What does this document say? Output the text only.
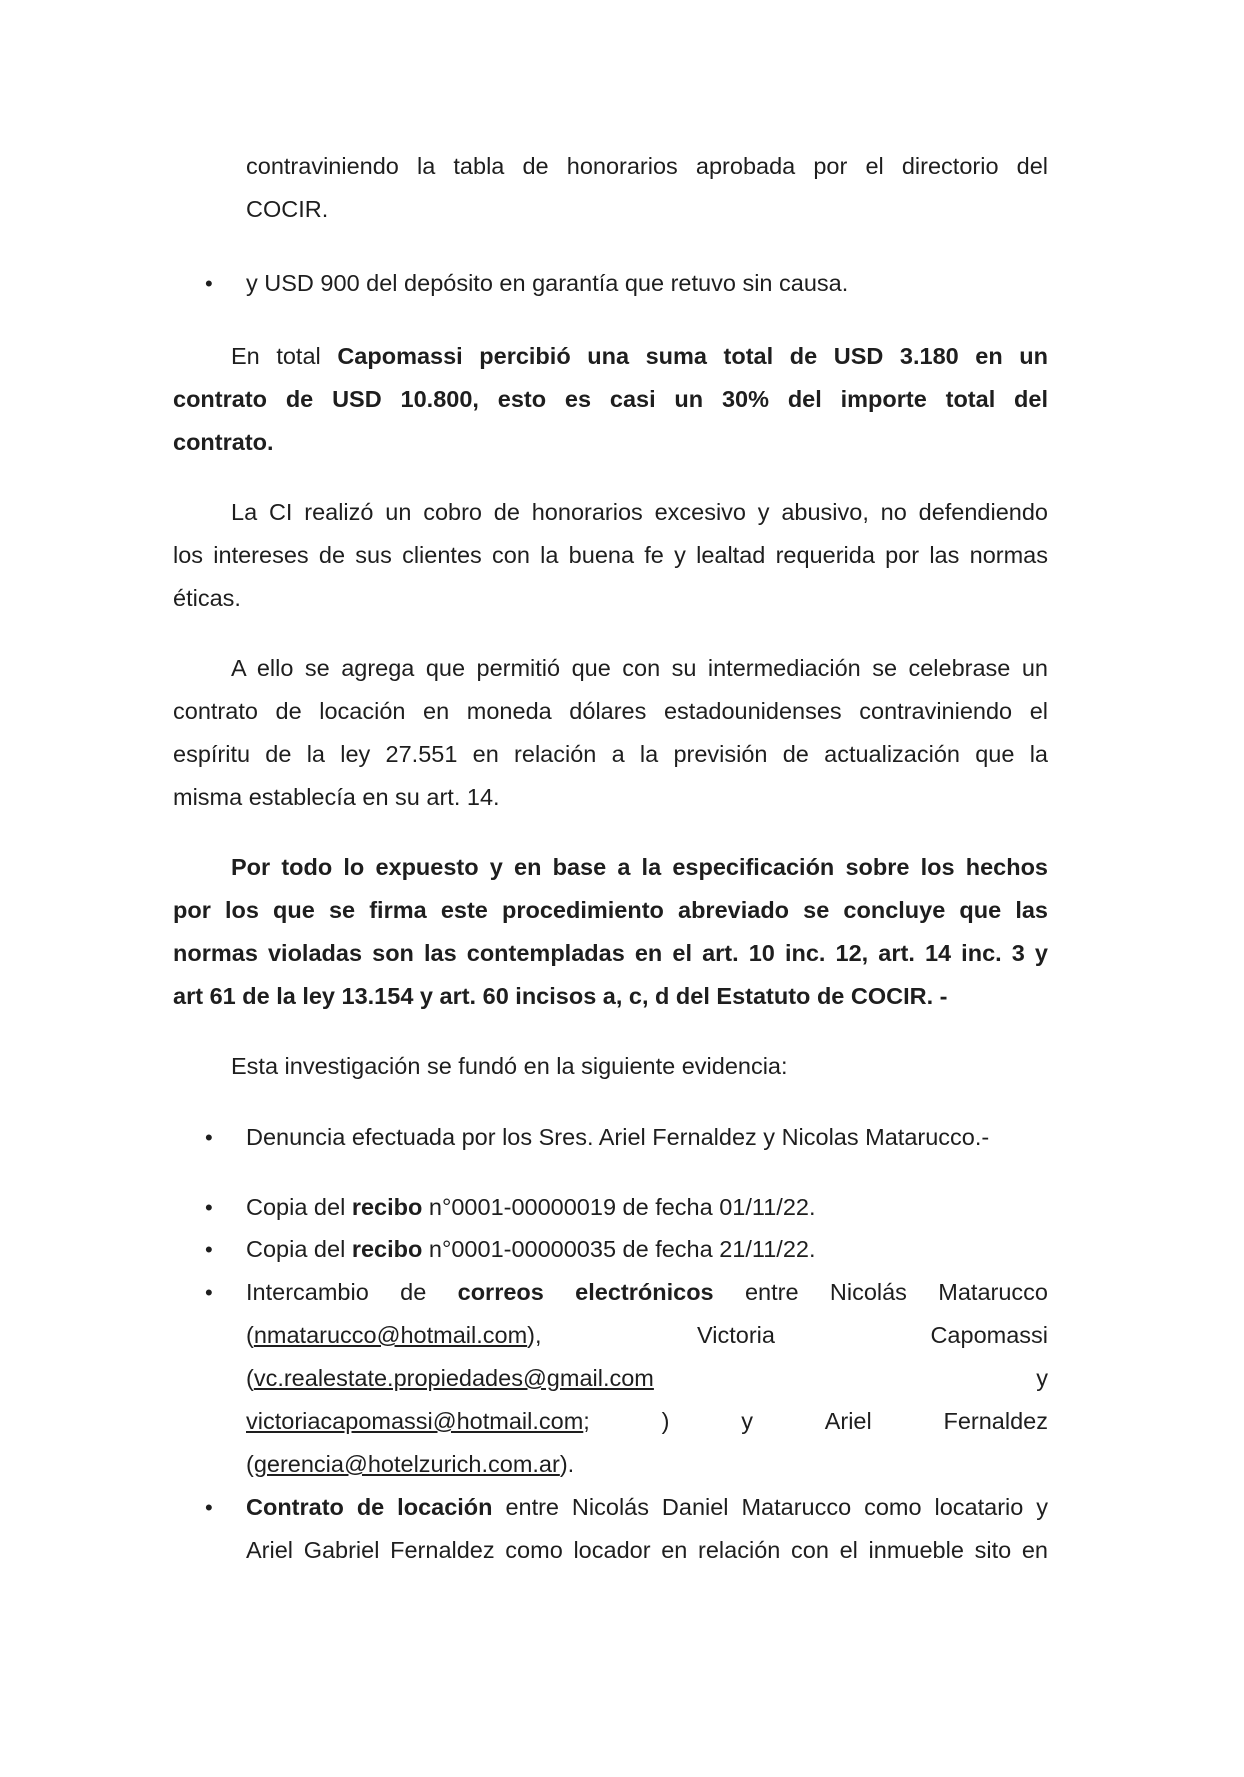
contraviniendo la tabla de honorarios aprobada por el directorio del
COCIR.
•	y USD 900 del depósito en garantía que retuvo sin causa.
En total Capomassi percibió una suma total de USD 3.180 en un
contrato de USD 10.800, esto es casi un 30% del importe total del
contrato.
La CI realizó un cobro de honorarios excesivo y abusivo, no defendiendo
los intereses de sus clientes con la buena fe y lealtad requerida por las normas
éticas.
A ello se agrega que permitió que con su intermediación se celebrase un
contrato de locación en moneda dólares estadounidenses contraviniendo el
espíritu de la ley 27.551 en relación a la previsión de actualización que la
misma establecía en su art. 14.
Por todo lo expuesto y en base a la especificación sobre los hechos
por los que se firma este procedimiento abreviado se concluye que las
normas violadas son las contempladas en el art. 10 inc. 12, art. 14 inc. 3 y
art 61 de la ley 13.154 y art. 60 incisos a, c, d del Estatuto de COCIR. -
Esta investigación se fundó en la siguiente evidencia:
•	Denuncia efectuada por los Sres. Ariel Fernaldez y Nicolas Matarucco.-
•	Copia del recibo n°0001-00000019 de fecha 01/11/22.
•	Copia del recibo n°0001-00000035 de fecha 21/11/22.
•	Intercambio de correos electrónicos entre Nicolás Matarucco
(nmatarucco@hotmail.com),	Victoria	Capomassi
(vc.realestate.propiedades@gmail.com	y
victoriacapomassi@hotmail.com;	)	y	Ariel	Fernaldez
(gerencia@hotelzurich.com.ar).
•	Contrato de locación entre Nicolás Daniel Matarucco como locatario y
Ariel Gabriel Fernaldez como locador en relación con el inmueble sito en
